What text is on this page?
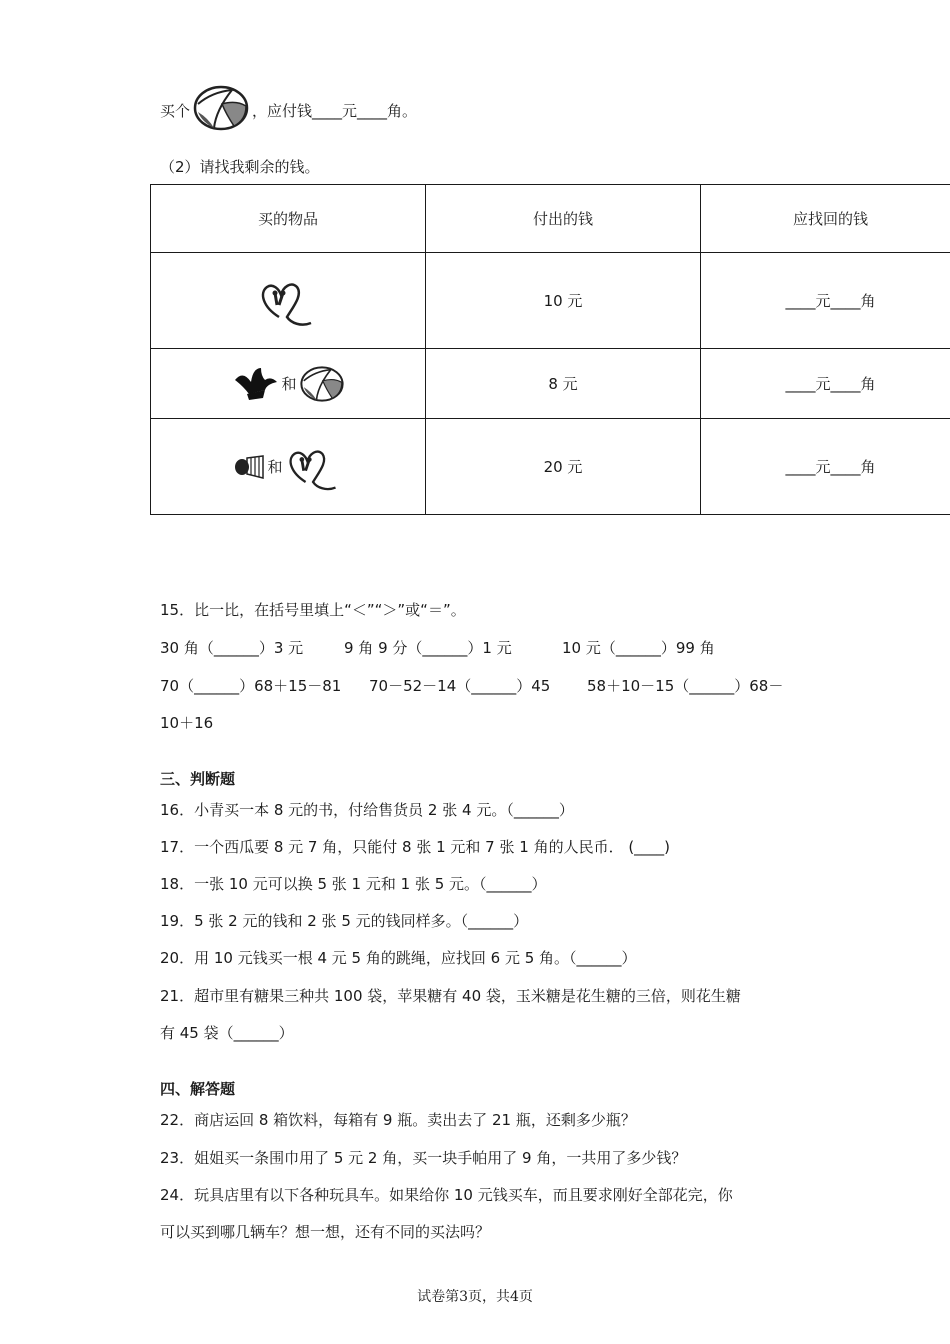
买个	，应付钱____元____角。
（2）请找我剩余的钱。
买的物品	付出的钱	应找回的钱

	10 元	____元____角

和	8 元	____元____角

和	20 元	____元____角
15．比一比，在括号里填上“＜”“＞”或“＝”。
30 角（______）3 元	9 角 9 分（______）1 元	10 元（______）99 角
70（______）68＋15－81 70－52－14（______）45 58＋10－15（______）68－
10＋16
三、判断题
16．小青买一本 8 元的书，付给售货员 2 张 4 元。（______）
17．一个西瓜要 8 元 7 角，只能付 8 张 1 元和 7 张 1 角的人民币． (____)
18．一张 10 元可以换 5 张 1 元和 1 张 5 元。（______）
19．5 张 2 元的钱和 2 张 5 元的钱同样多。（______）
20．用 10 元钱买一根 4 元 5 角的跳绳，应找回 6 元 5 角。（______）
21．超市里有糖果三种共 100 袋，苹果糖有 40 袋，玉米糖是花生糖的三倍，则花生糖
有 45 袋（______）
四、解答题
22．商店运回 8 箱饮料，每箱有 9 瓶。卖出去了 21 瓶，还剩多少瓶？
23．姐姐买一条围巾用了 5 元 2 角，买一块手帕用了 9 角，一共用了多少钱？
24．玩具店里有以下各种玩具车。如果给你 10 元钱买车，而且要求刚好全部花完，你
可以买到哪几辆车？想一想，还有不同的买法吗？
试卷第3页，共4页
